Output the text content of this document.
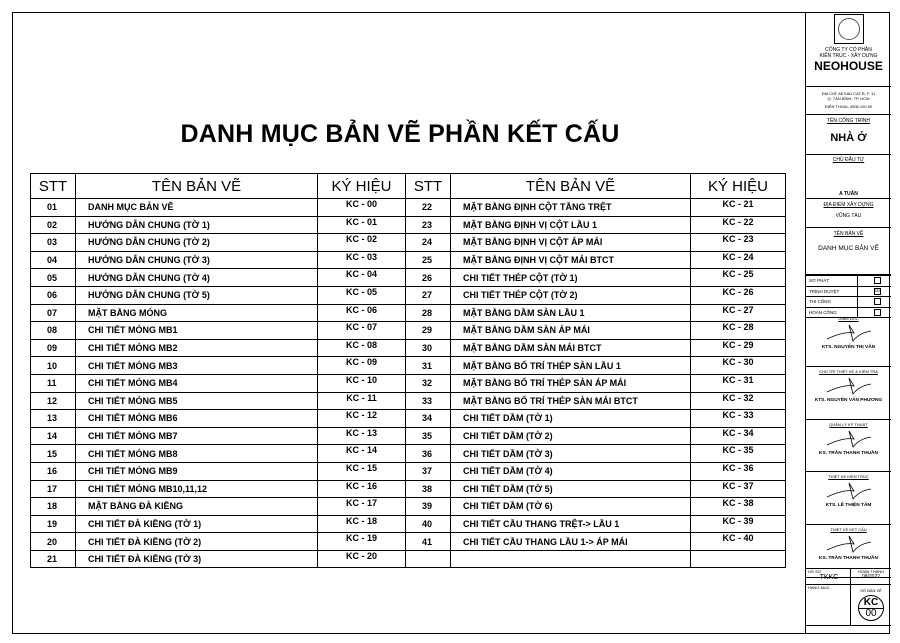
DANH MỤC BẢN VẼ PHẦN KẾT CẤU
STT	TÊN BẢN VẼ	KÝ HIỆU
01	DANH MỤC BẢN VẼ	KC - 00
02	HƯỚNG DẪN CHUNG (TỜ 1)	KC - 01
03	HƯỚNG DẪN CHUNG (TỜ 2)	KC - 02
04	HƯỚNG DẪN CHUNG (TỜ 3)	KC - 03
05	HƯỚNG DẪN CHUNG (TỜ 4)	KC - 04
06	HƯỚNG DẪN CHUNG (TỜ 5)	KC - 05
07	MẶT BẰNG MÓNG	KC - 06
08	CHI TIẾT MÓNG MB1	KC - 07
09	CHI TIẾT MÓNG MB2	KC - 08
10	CHI TIẾT MÓNG MB3	KC - 09
11	CHI TIẾT MÓNG MB4	KC - 10
12	CHI TIẾT MÓNG MB5	KC - 11
13	CHI TIẾT MÓNG MB6	KC - 12
14	CHI TIẾT MÓNG MB7	KC - 13
15	CHI TIẾT MÓNG MB8	KC - 14
16	CHI TIẾT MÓNG MB9	KC - 15
17	CHI TIẾT MÓNG MB10,11,12	KC - 16
18	MẶT BẰNG ĐÀ KIỀNG	KC - 17
19	CHI TIẾT ĐÀ KIỀNG (TỜ 1)	KC - 18
20	CHI TIẾT ĐÀ KIỀNG (TỜ 2)	KC - 19
21	CHI TIẾT ĐÀ KIỀNG (TỜ 3)	KC - 20
STT	TÊN BẢN VẼ	KÝ HIỆU
22	MẶT BẰNG ĐỊNH CỘT TẦNG TRỆT	KC - 21
23	MẶT BẰNG ĐỊNH VỊ CỘT LẦU 1	KC - 22
24	MẶT BẰNG ĐỊNH VỊ CỘT ÁP MÁI	KC - 23
25	MẶT BẰNG ĐỊNH VỊ CỘT MÁI BTCT	KC - 24
26	CHI TIẾT THÉP CỘT (TỜ 1)	KC - 25
27	CHI TIẾT THÉP CỘT (TỜ 2)	KC - 26
28	MẶT BẰNG DẦM SÀN LẦU 1	KC - 27
29	MẶT BẰNG DẦM SÀN ÁP MÁI	KC - 28
30	MẶT BẰNG DẦM SÀN MÁI BTCT	KC - 29
31	MẶT BẰNG BỐ TRÍ THÉP SÀN LẦU 1	KC - 30
32	MẶT BẰNG BỐ TRÍ THÉP SÀN ÁP MÁI	KC - 31
33	MẶT BẰNG BỐ TRÍ THÉP SÀN MÁI BTCT	KC - 32
34	CHI TIẾT DẦM (TỜ 1)	KC - 33
35	CHI TIẾT DẦM (TỜ 2)	KC - 34
36	CHI TIẾT DẦM (TỜ 3)	KC - 35
37	CHI TIẾT DẦM (TỜ 4)	KC - 36
38	CHI TIẾT DẦM (TỜ 5)	KC - 37
39	CHI TIẾT DẦM (TỜ 6)	KC - 38
40	CHI TIẾT CẦU THANG TRỆT-> LẦU 1	KC - 39
41	CHI TIẾT CẦU THANG LẦU 1-> ÁP MÁI	KC - 40

CÔNG TY CỔ PHẦN
KIẾN TRÚC - XÂY DỰNG
NEOHOUSE
ĐỊA CHỈ: 88 SAU CAT B, F. 11
Q. TÂN BÌNH, TP. HCM
ĐIỆN THOẠI: 0906 100 50
TÊN CÔNG TRÌNH
NHÀ Ở
CHỦ ĐẦU TƯ
A TUẤN
ĐỊA ĐIỂM XÂY DỰNG
VŨNG TÀU
TÊN BẢN VẼ
DANH MỤC BẢN VẼ
SƠ PHÁT
TRÌNH DUYỆT	☒
THI CÔNG
HOÀN CÔNG
GIÁM ĐỐC
KTS. NGUYỄN THỊ VÂN
CHỦ TRÌ THIẾT KẾ & KIỂM TRA
KTS. NGUYỄN VĂN PHƯƠNG
QUẢN LÝ KỸ THUẬT
KS. TRẦN THANH THUẦN
THIẾT KẾ KIẾN TRÚC
KTS. LÊ THIỆN TÂM
THIẾT KẾ KẾT CẤU
KS. TRẦN THANH THUẦN
HỒ SƠ
TKKC
HOÀN THÀNH
08/2022
HẠNG MỤC
SỐ BẢN VẼ
KC
00
